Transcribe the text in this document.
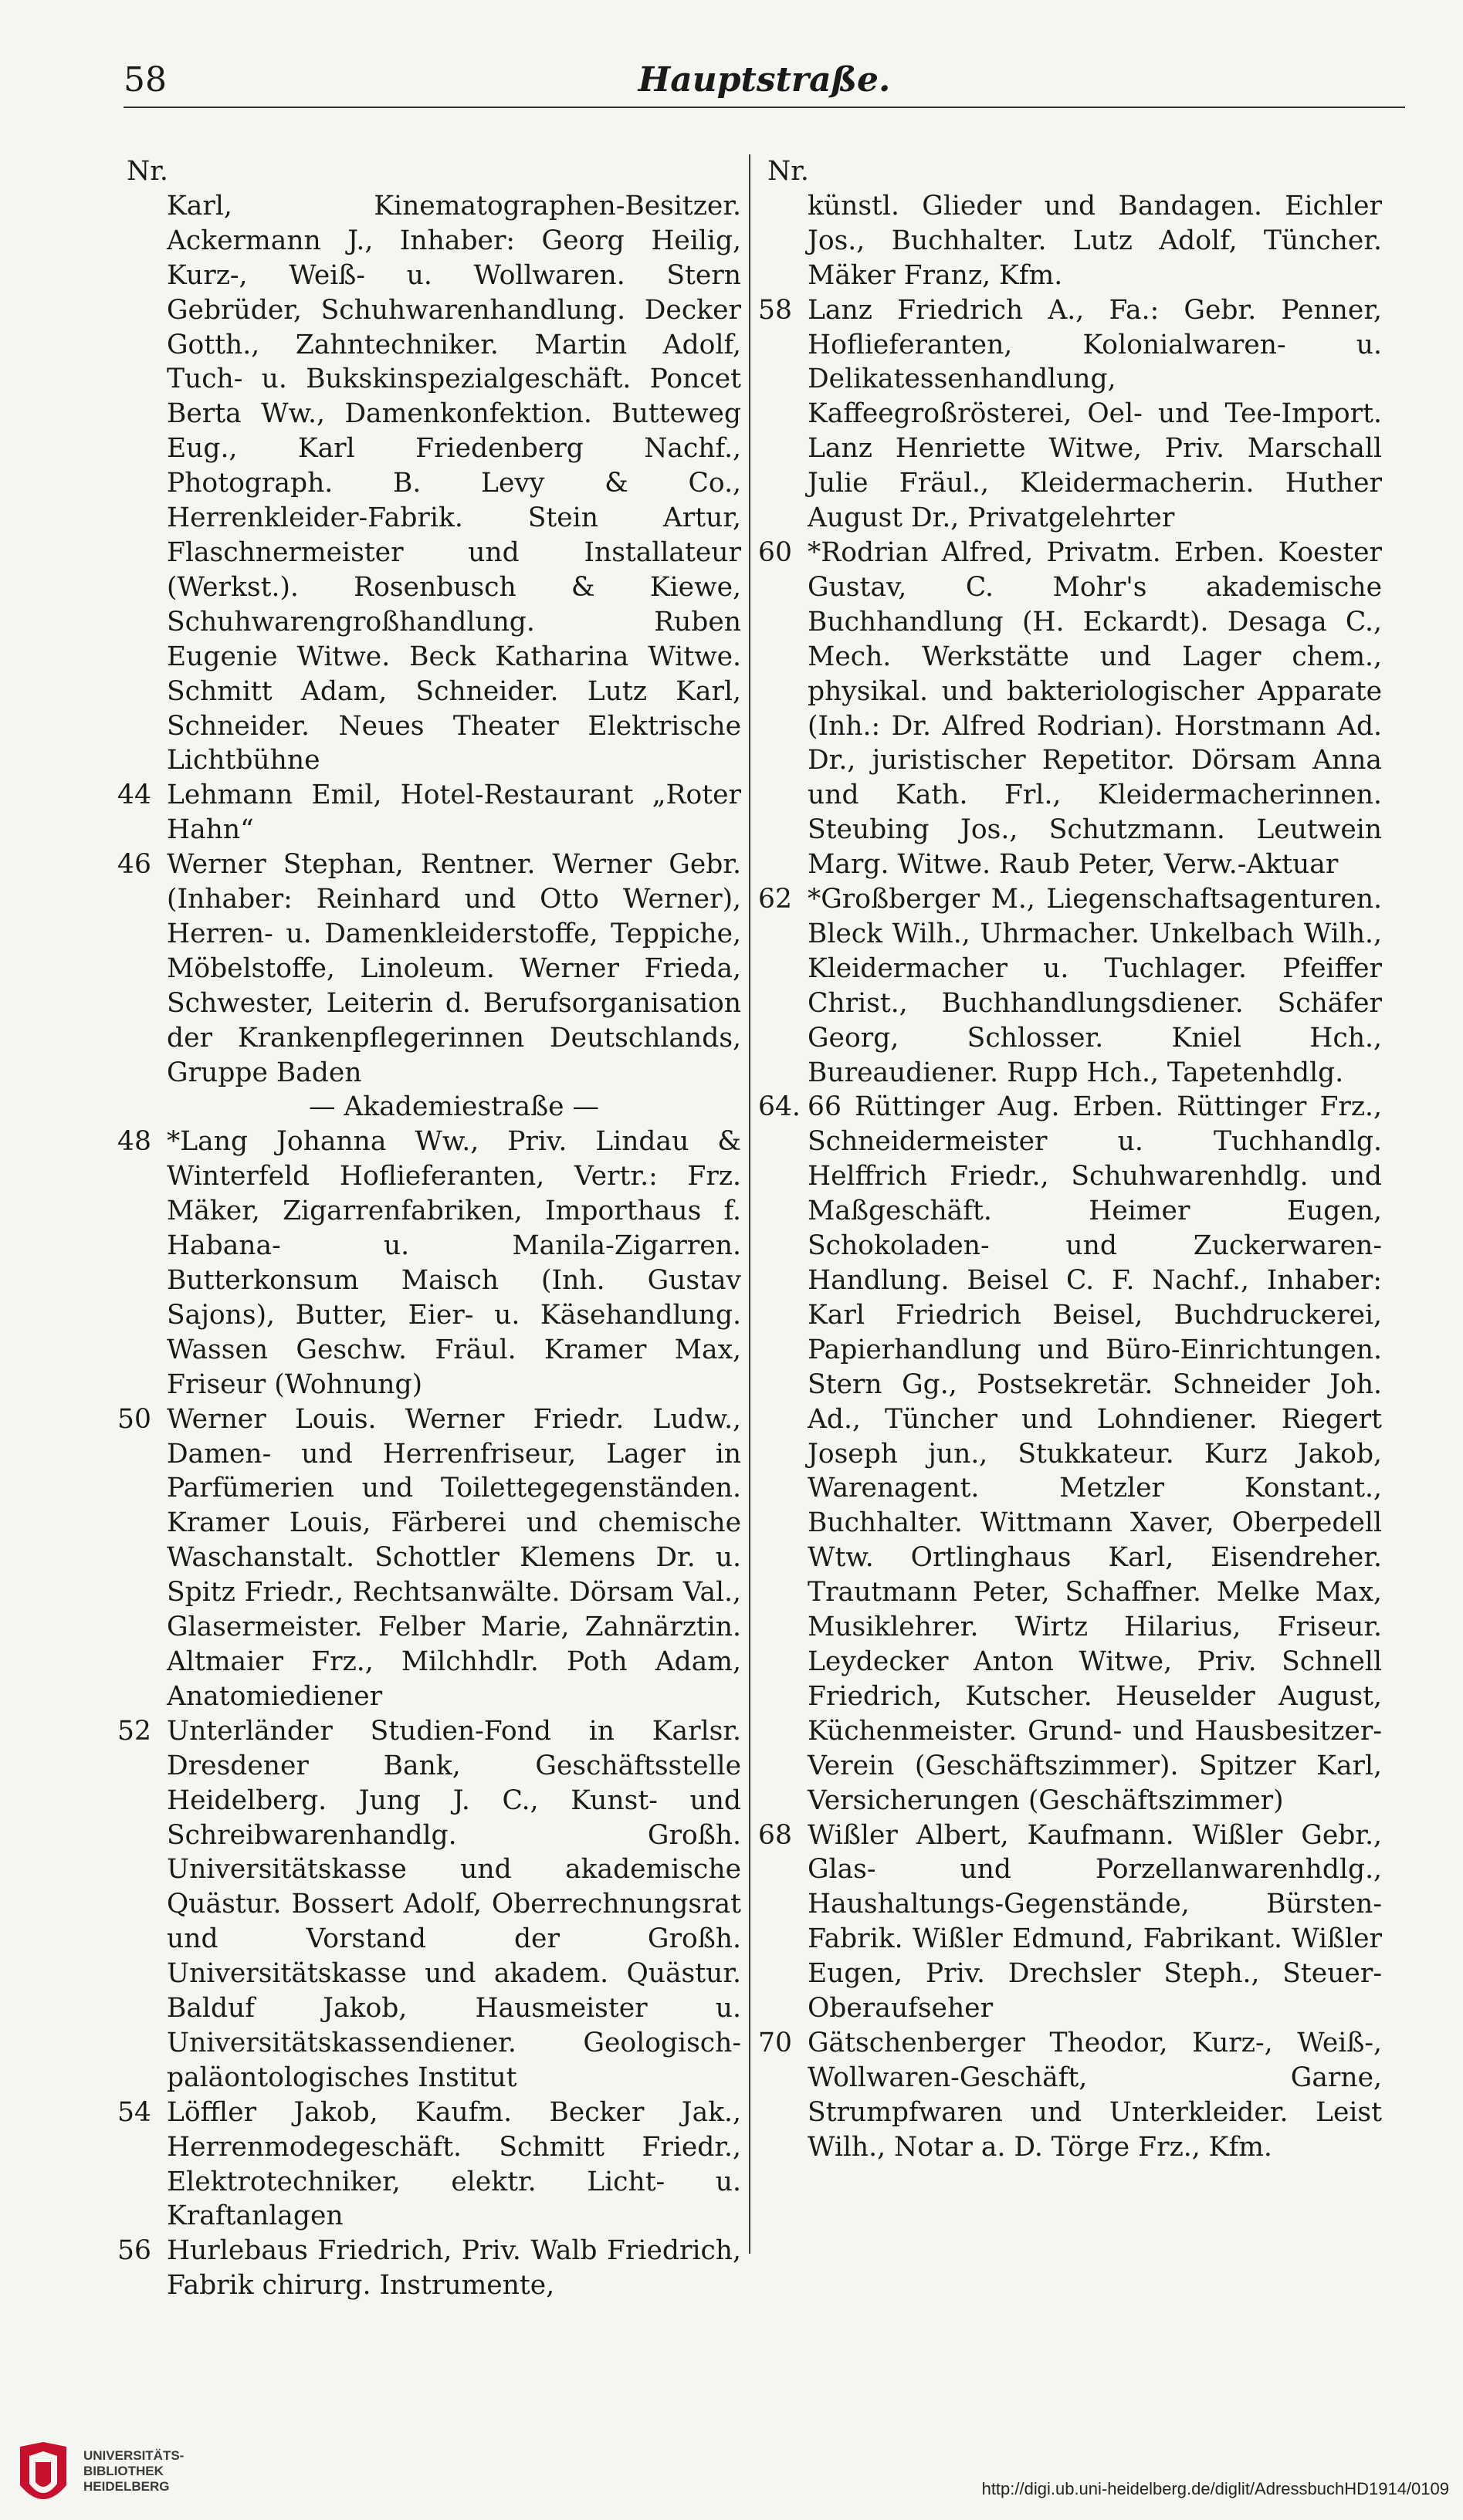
58	Hauptstraße.

Nr.

Karl, Kinematographen-Besitzer. Ackermann J., Inhaber: Georg Heilig, Kurz-, Weiß- u. Wollwaren. Stern Gebrüder, Schuhwarenhandlung. Decker Gotth., Zahntechniker. Martin Adolf, Tuch- u. Bukskinspezialgeschäft. Poncet Berta Ww., Damenkonfektion. Butteweg Eug., Karl Friedenberg Nachf., Photograph. B. Levy & Co., Herrenkleider-Fabrik. Stein Artur, Flaschnermeister und Installateur (Werkst.). Rosenbusch & Kiewe, Schuhwarengroßhandlung. Ruben Eugenie Witwe. Beck Katharina Witwe. Schmitt Adam, Schneider. Lutz Karl, Schneider. Neues Theater Elektrische Lichtbühne

44 Lehmann Emil, Hotel-Restaurant „Roter Hahn“

46 Werner Stephan, Rentner. Werner Gebr. (Inhaber: Reinhard und Otto Werner), Herren- u. Damenkleiderstoffe, Teppiche, Möbelstoffe, Linoleum. Werner Frieda, Schwester, Leiterin d. Berufsorganisation der Krankenpflegerinnen Deutschlands, Gruppe Baden

— Akademiestraße —

48 *Lang Johanna Ww., Priv. Lindau & Winterfeld Hoflieferanten, Vertr.: Frz. Mäker, Zigarrenfabriken, Importhaus f. Habana- u. Manila-Zigarren. Butterkonsum Maisch (Inh. Gustav Sajons), Butter, Eier- u. Käsehandlung. Wassen Geschw. Fräul. Kramer Max, Friseur (Wohnung)

50 Werner Louis. Werner Friedr. Ludw., Damen- und Herrenfriseur, Lager in Parfümerien und Toilettegegenständen. Kramer Louis, Färberei und chemische Waschanstalt. Schottler Klemens Dr. u. Spitz Friedr., Rechtsanwälte. Dörsam Val., Glasermeister. Felber Marie, Zahnärztin. Altmaier Frz., Milchhdlr. Poth Adam, Anatomiediener

52 Unterländer Studien-Fond in Karlsr. Dresdener Bank, Geschäftsstelle Heidelberg. Jung J. C., Kunst- und Schreibwarenhandlg. Großh. Universitätskasse und akademische Quästur. Bossert Adolf, Oberrechnungsrat und Vorstand der Großh. Universitätskasse und akadem. Quästur. Balduf Jakob, Hausmeister u. Universitätskassendiener. Geologisch-paläontologisches Institut

54 Löffler Jakob, Kaufm. Becker Jak., Herrenmodegeschäft. Schmitt Friedr., Elektrotechniker, elektr. Licht- u. Kraftanlagen

56 Hurlebaus Friedrich, Priv. Walb Friedrich, Fabrik chirurg. Instrumente,

Nr.

künstl. Glieder und Bandagen. Eichler Jos., Buchhalter. Lutz Adolf, Tüncher. Mäker Franz, Kfm.

58 Lanz Friedrich A., Fa.: Gebr. Penner, Hoflieferanten, Kolonialwaren- u. Delikatessenhandlung, Kaffeegroßrösterei, Oel- und Tee-Import. Lanz Henriette Witwe, Priv. Marschall Julie Fräul., Kleidermacherin. Huther August Dr., Privatgelehrter

60 *Rodrian Alfred, Privatm. Erben. Koester Gustav, C. Mohr's akademische Buchhandlung (H. Eckardt). Desaga C., Mech. Werkstätte und Lager chem., physikal. und bakteriologischer Apparate (Inh.: Dr. Alfred Rodrian). Horstmann Ad. Dr., juristischer Repetitor. Dörsam Anna und Kath. Frl., Kleidermacherinnen. Steubing Jos., Schutzmann. Leutwein Marg. Witwe. Raub Peter, Verw.-Aktuar

62 *Großberger M., Liegenschaftsagenturen. Bleck Wilh., Uhrmacher. Unkelbach Wilh., Kleidermacher u. Tuchlager. Pfeiffer Christ., Buchhandlungsdiener. Schäfer Georg, Schlosser. Kniel Hch., Bureaudiener. Rupp Hch., Tapetenhdlg.

64. 66 Rüttinger Aug. Erben. Rüttinger Frz., Schneidermeister u. Tuchhandlg. Helffrich Friedr., Schuhwarenhdlg. und Maßgeschäft. Heimer Eugen, Schokoladen- und Zuckerwaren-Handlung. Beisel C. F. Nachf., Inhaber: Karl Friedrich Beisel, Buchdruckerei, Papierhandlung und Büro-Einrichtungen. Stern Gg., Postsekretär. Schneider Joh. Ad., Tüncher und Lohndiener. Riegert Joseph jun., Stukkateur. Kurz Jakob, Warenagent. Metzler Konstant., Buchhalter. Wittmann Xaver, Oberpedell Wtw. Ortlinghaus Karl, Eisendreher. Trautmann Peter, Schaffner. Melke Max, Musiklehrer. Wirtz Hilarius, Friseur. Leydecker Anton Witwe, Priv. Schnell Friedrich, Kutscher. Heuselder August, Küchenmeister. Grund- und Hausbesitzer-Verein (Geschäftszimmer). Spitzer Karl, Versicherungen (Geschäftszimmer)

68 Wißler Albert, Kaufmann. Wißler Gebr., Glas- und Porzellanwarenhdlg., Haushaltungs-Gegenstände, Bürsten-Fabrik. Wißler Edmund, Fabrikant. Wißler Eugen, Priv. Drechsler Steph., Steuer-Oberaufseher

70 Gätschenberger Theodor, Kurz-, Weiß-, Wollwaren-Geschäft, Garne, Strumpfwaren und Unterkleider. Leist Wilh., Notar a. D. Törge Frz., Kfm.

UNIVERSITÄTS-
BIBLIOTHEK
HEIDELBERG	http://digi.ub.uni-heidelberg.de/diglit/AdressbuchHD1914/0109
